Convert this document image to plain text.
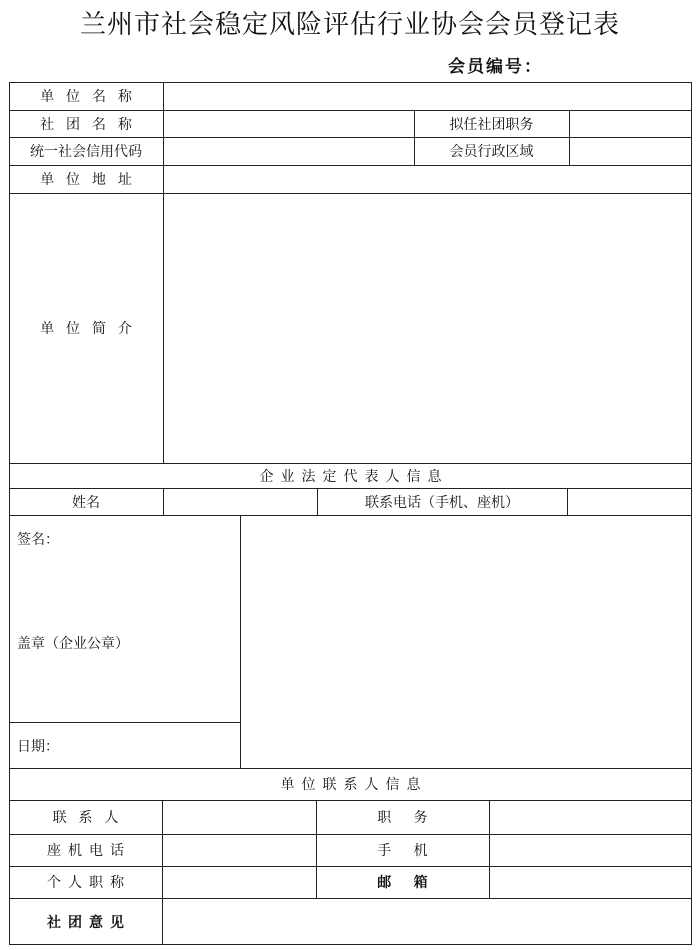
兰州市社会稳定风险评估行业协会会员登记表
会员编号：
单位名称
社团名称	拟任社团职务
统一社会信用代码	会员行政区域
单位地址
单位简介
企业法定代表人信息
姓名	联系电话（手机、座机）
签名：
盖章（企业公章）
日期：
单位联系人信息
联系人	职务
座机电话	手机
个人职称	邮箱
社团意见
